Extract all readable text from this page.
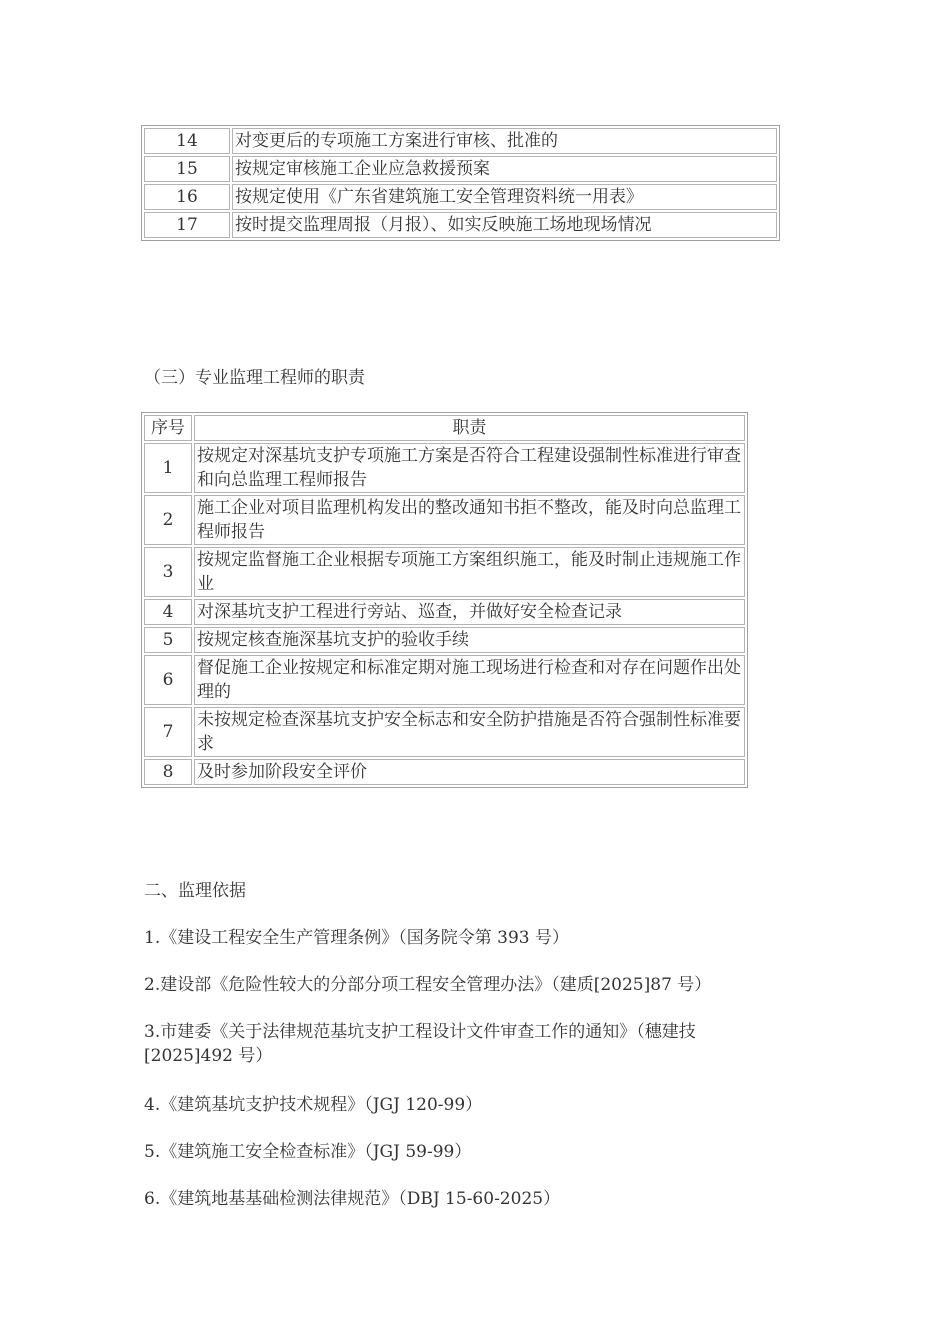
14	对变更后的专项施工方案进行审核、批准的
15	按规定审核施工企业应急救援预案
16	按规定使用《广东省建筑施工安全管理资料统一用表》
17	按时提交监理周报（月报）、如实反映施工场地现场情况

（三）专业监理工程师的职责

序号	职责
1	按规定对深基坑支护专项施工方案是否符合工程建设强制性标准进行审查和向总监理工程师报告
2	施工企业对项目监理机构发出的整改通知书拒不整改，能及时向总监理工程师报告
3	按规定监督施工企业根据专项施工方案组织施工，能及时制止违规施工作业
4	对深基坑支护工程进行旁站、巡查，并做好安全检查记录
5	按规定核查施深基坑支护的验收手续
6	督促施工企业按规定和标准定期对施工现场进行检查和对存在问题作出处理的
7	未按规定检查深基坑支护安全标志和安全防护措施是否符合强制性标准要求
8	及时参加阶段安全评价

二、监理依据

1.《建设工程安全生产管理条例》（国务院令第 393 号）

2.建设部《危险性较大的分部分项工程安全管理办法》（建质[2025]87 号）

3.市建委《关于法律规范基坑支护工程设计文件审查工作的通知》（穗建技[2025]492 号）

4.《建筑基坑支护技术规程》（JGJ 120-99）

5.《建筑施工安全检查标准》（JGJ 59-99）

6.《建筑地基基础检测法律规范》（DBJ 15-60-2025）
